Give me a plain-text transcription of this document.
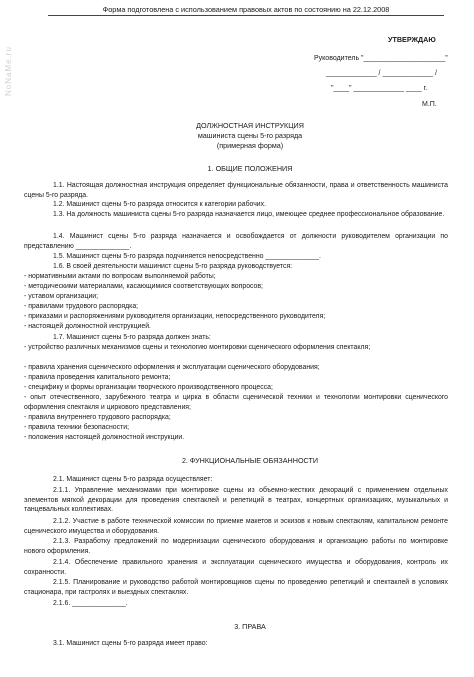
NoNaMe.ru
Форма подготовлена с использованием правовых актов по состоянию на 22.12.2008
УТВЕРЖДАЮ
Руководитель "_____________________"
_____________ / _____________ /
"____" _____________ ____ г.
М.П.
ДОЛЖНОСТНАЯ ИНСТРУКЦИЯ
машиниста сцены 5-го разряда
(примерная форма)
1. ОБЩИЕ ПОЛОЖЕНИЯ
1.1. Настоящая должностная инструкция определяет функциональные обязанности, права и ответственность машиниста сцены 5-го разряда.
1.2. Машинист сцены 5-го разряда относится к категории рабочих.
1.3. На должность машиниста сцены 5-го разряда назначается лицо, имеющее среднее профессиональное образование.
1.4. Машинист сцены 5-го разряда назначается и освобождается от должности руководителем организации по представлению ______________.
1.5. Машинист сцены 5-го разряда подчиняется непосредственно ______________.
1.6. В своей деятельности машинист сцены 5-го разряда руководствуется:
- нормативными актами по вопросам выполняемой работы;
- методическими материалами, касающимися соответствующих вопросов;
- уставом организации;
- правилами трудового распорядка;
- приказами и распоряжениями руководителя организации, непосредственного руководителя;
- настоящей должностной инструкцией.
1.7. Машинист сцены 5-го разряда должен знать:
- устройство различных механизмов сцены и технологию монтировки сценического оформления спектакля;
- правила хранения сценического оформления и эксплуатации сценического оборудования;
- правила проведения капитального ремонта;
- специфику и формы организации творческого производственного процесса;
- опыт отечественного, зарубежного театра и цирка в области сценической техники и технологии монтировки сценического оформления спектакля и циркового представления;
- правила внутреннего трудового распорядка;
- правила техники безопасности;
- положения настоящей должностной инструкции.
2. ФУНКЦИОНАЛЬНЫЕ ОБЯЗАННОСТИ
2.1. Машинист сцены 5-го разряда осуществляет:
2.1.1. Управление механизмами при монтировке сцены из объемно-жестких декораций с применением отдельных элементов мягкой декорации для проведения спектаклей и репетиций в театрах, концертных организациях, музыкальных и танцевальных коллективах.
2.1.2. Участие в работе технической комиссии по приемке макетов и эскизов к новым спектаклям, капитальном ремонте сценического имущества и оборудования.
2.1.3. Разработку предложений по модернизации сценического оборудования и организацию работы по монтировке нового оформления.
2.1.4. Обеспечение правильного хранения и эксплуатации сценического имущества и оборудования, контроль их сохранности.
2.1.5. Планирование и руководство работой монтировщиков сцены по проведению репетиций и спектаклей в условиях стационара, при гастролях и выездных спектаклях.
2.1.6. ______________.
3. ПРАВА
3.1. Машинист сцены 5-го разряда имеет право:
